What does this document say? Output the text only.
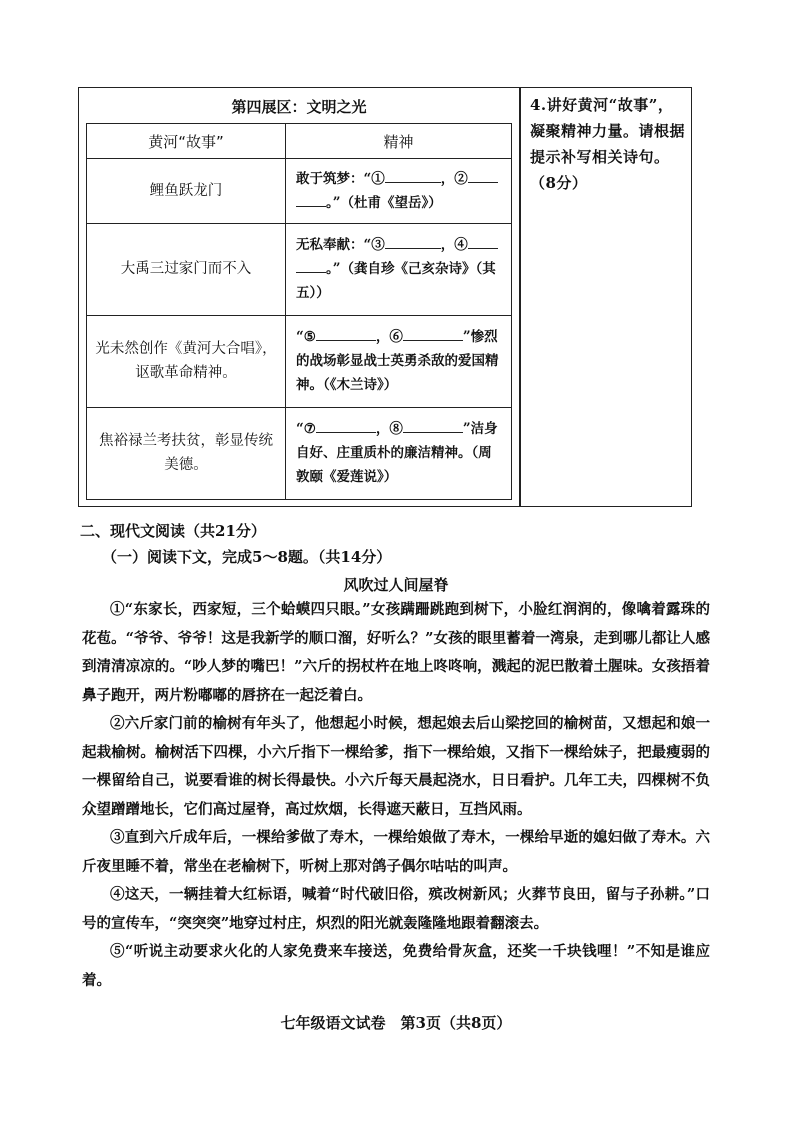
第四展区：文明之光
黄河“故事”	精神
鲤鱼跃龙门	敢于筑梦：“① ，②
。”（杜甫《望岳》）
大禹三过家门而不入	无私奉献：“③ ，④
。”（龚自珍《己亥杂诗》（其五））
光未然创作《黄河大合唱》，讴歌革命精神。	“⑤ ，⑥ ”惨烈的战场彰显战士英勇杀敌的爱国精神。（《木兰诗》）
焦裕禄兰考扶贫，彰显传统美德。	“⑦ ，⑧ ”洁身自好、庄重质朴的廉洁精神。（周敦颐《爱莲说》）
4.讲好黄河“故事”，凝聚精神力量。请根据提示补写相关诗句。（8分）
二、现代文阅读（共21分）
（一）阅读下文，完成5～8题。（共14分）
风吹过人间屋脊

①“东家长，西家短，三个蛤蟆四只眼。”女孩蹒跚跳跑到树下，小脸红润润的，像噙着露珠的花苞。“爷爷、爷爷！这是我新学的顺口溜，好听么？”女孩的眼里蓄着一湾泉，走到哪儿都让人感到清清凉凉的。“吵人梦的嘴巴！”六斤的拐杖杵在地上咚咚响，溅起的泥巴散着土腥味。女孩捂着鼻子跑开，两片粉嘟嘟的唇挤在一起泛着白。

②六斤家门前的榆树有年头了，他想起小时候，想起娘去后山梁挖回的榆树苗，又想起和娘一起栽榆树。榆树活下四棵，小六斤指下一棵给爹，指下一棵给娘，又指下一棵给妹子，把最瘦弱的一棵留给自己，说要看谁的树长得最快。小六斤每天晨起浇水，日日看护。几年工夫，四棵树不负众望蹭蹭地长，它们高过屋脊，高过炊烟，长得遮天蔽日，互挡风雨。

③直到六斤成年后，一棵给爹做了寿木，一棵给娘做了寿木，一棵给早逝的媳妇做了寿木。六斤夜里睡不着，常坐在老榆树下，听树上那对鸽子偶尔咕咕的叫声。

④这天，一辆挂着大红标语，喊着“时代破旧俗，殡改树新风；火葬节良田，留与子孙耕。”口号的宣传车，“突突突”地穿过村庄，炽烈的阳光就轰隆隆地跟着翻滚去。

⑤“听说主动要求火化的人家免费来车接送，免费给骨灰盒，还奖一千块钱哩！”不知是谁应着。

七年级语文试卷　第3页（共8页）
